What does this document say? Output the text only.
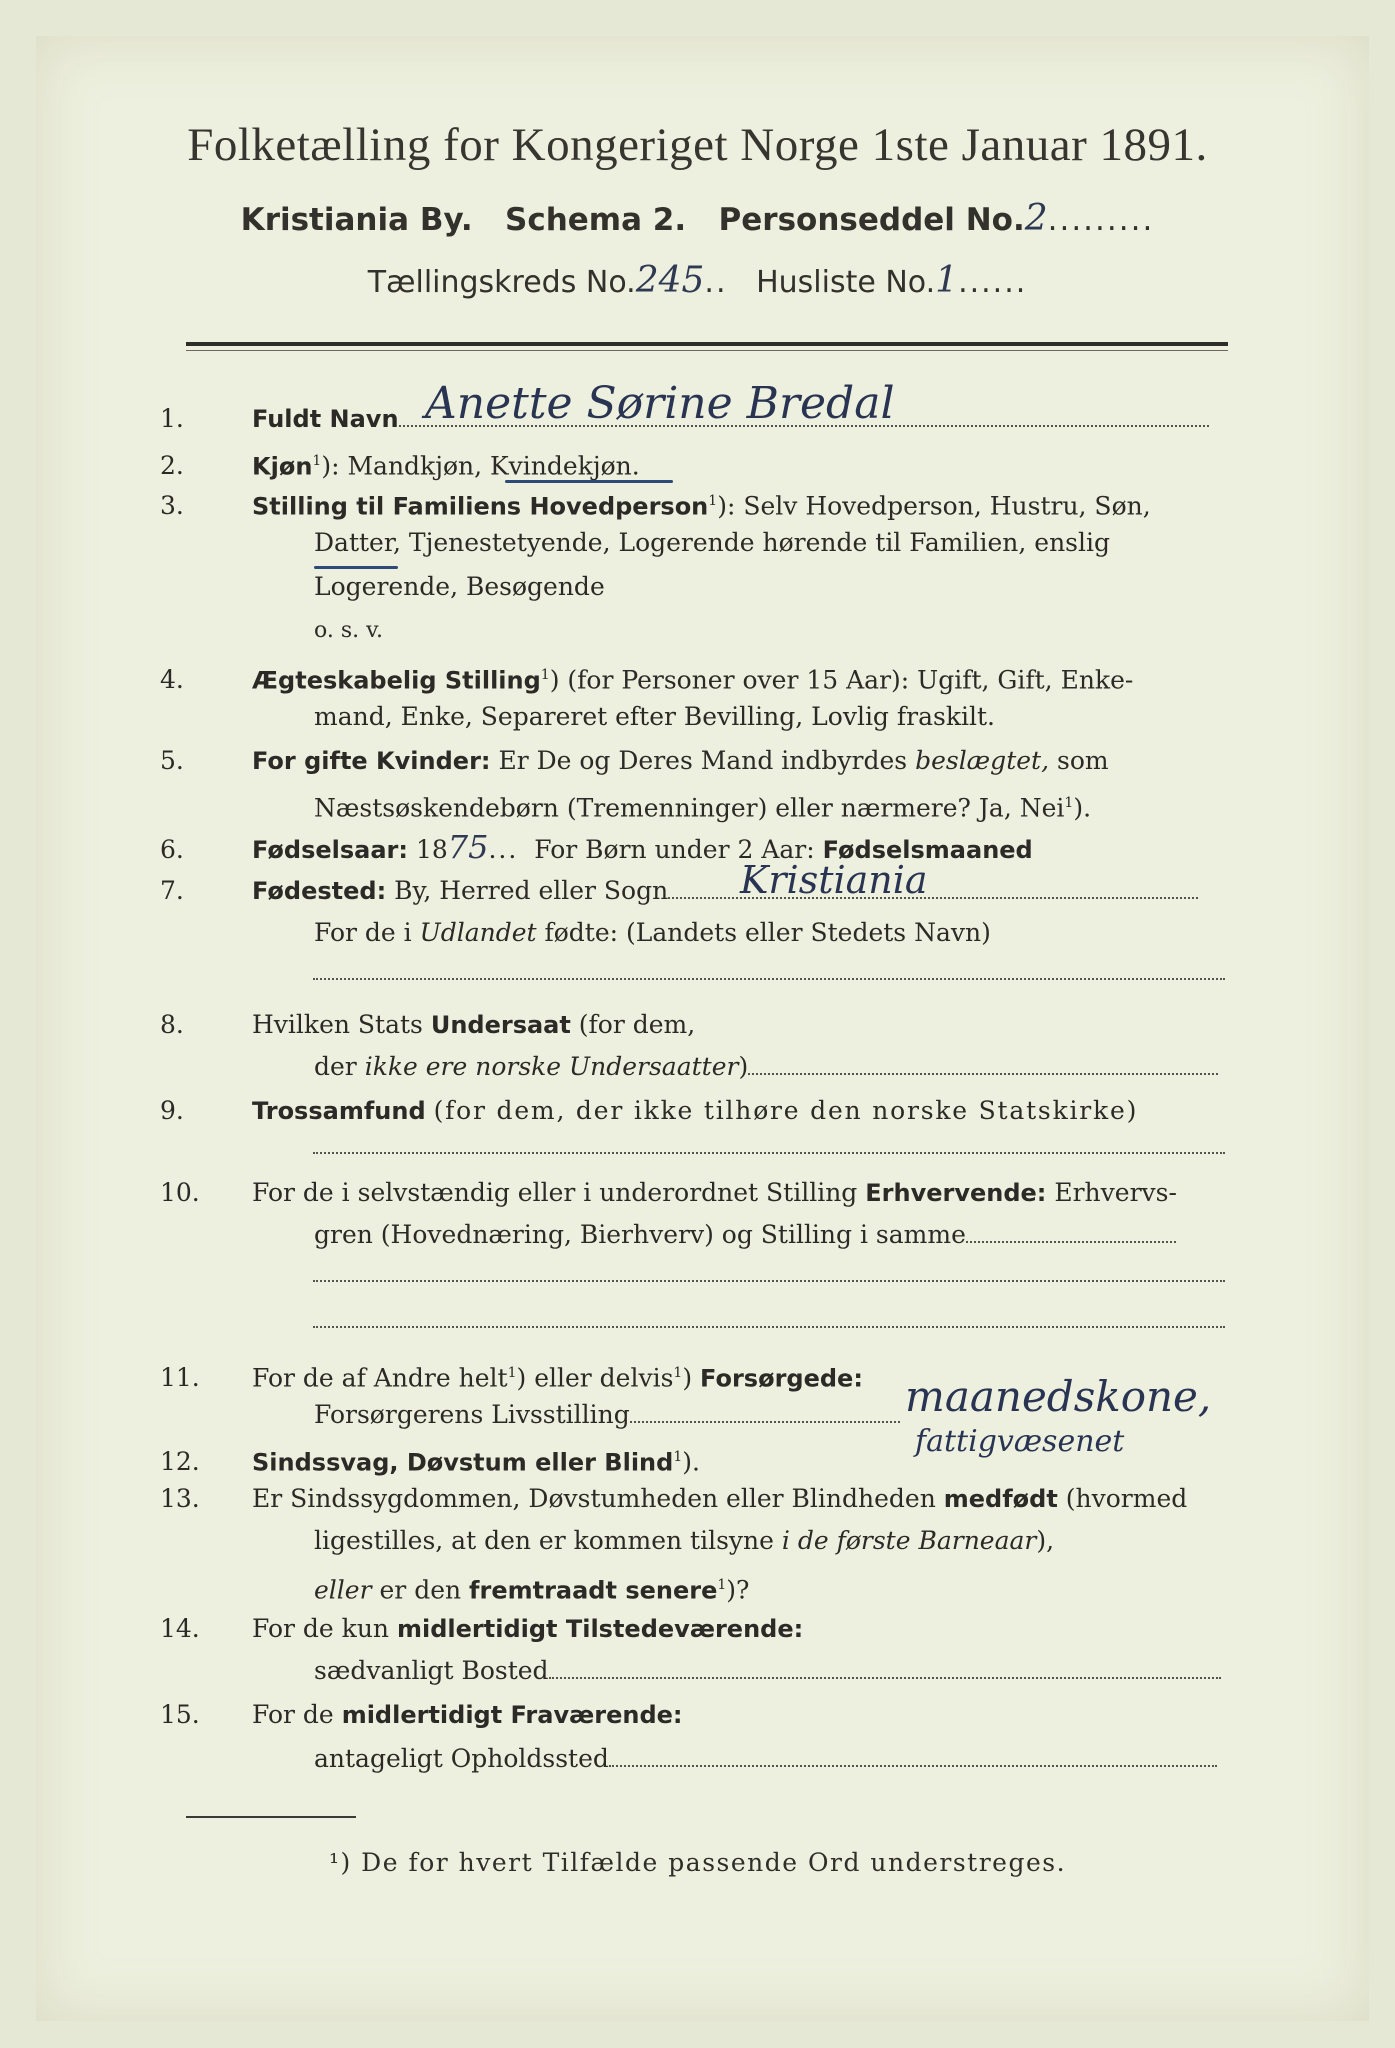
Folketælling for Kongeriget Norge 1ste Januar 1891.
Kristiania By. Schema 2. Personseddel No.2.........
Tællingskreds No.245.. Husliste No.1......
1.	Fuldt Navn Anette Sørine Bredal
2.	Kjøn$^1$): Mandkjøn, Kvindekjøn.
3.	Stilling til Familiens Hovedperson$^1$): Selv Hovedperson, Hustru, Søn,
Datter, Tjenestetyende, Logerende hørende til Familien, enslig
Logerende, Besøgende
o. s. v.
4.	Ægteskabelig Stilling$^1$) (for Personer over 15 Aar): Ugift, Gift, Enke-
mand, Enke, Separeret efter Bevilling, Lovlig fraskilt.
5.	For gifte Kvinder: Er De og Deres Mand indbyrdes beslægtet, som
Næstsøskendebørn (Tremenninger) eller nærmere? Ja, Nei$^1$).
6.	Fødselsaar: 1875... For Børn under 2 Aar: Fødselsmaaned
7.	Fødested: By, Herred eller Sogn	Kristiania
For de i Udlandet fødte: (Landets eller Stedets Navn)
8.	Hvilken Stats Undersaat (for dem,
der ikke ere norske Undersaatter)
9.	Trossamfund (for dem, der ikke tilhøre den norske Statskirke)
10. For de i selvstændig eller i underordnet Stilling Erhvervende: Erhvervs-
gren (Hovednæring, Bierhverv) og Stilling i samme
11. For de af Andre helt$^1$) eller delvis$^1$) Forsørgede:
Forsørgerens Livsstilling	maanedskone,
fattigvæsenet
12. Sindssvag, Døvstum eller Blind$^1$).
13. Er Sindssygdommen, Døvstumheden eller Blindheden medfødt (hvormed
ligestilles, at den er kommen tilsyne i de første Barneaar),
eller er den fremtraadt senere$^1$)?
14. For de kun midlertidigt Tilstedeværende:
sædvanligt Bosted
15. For de midlertidigt Fraværende:
antageligt Opholdssted
¹) De for hvert Tilfælde passende Ord understreges.
